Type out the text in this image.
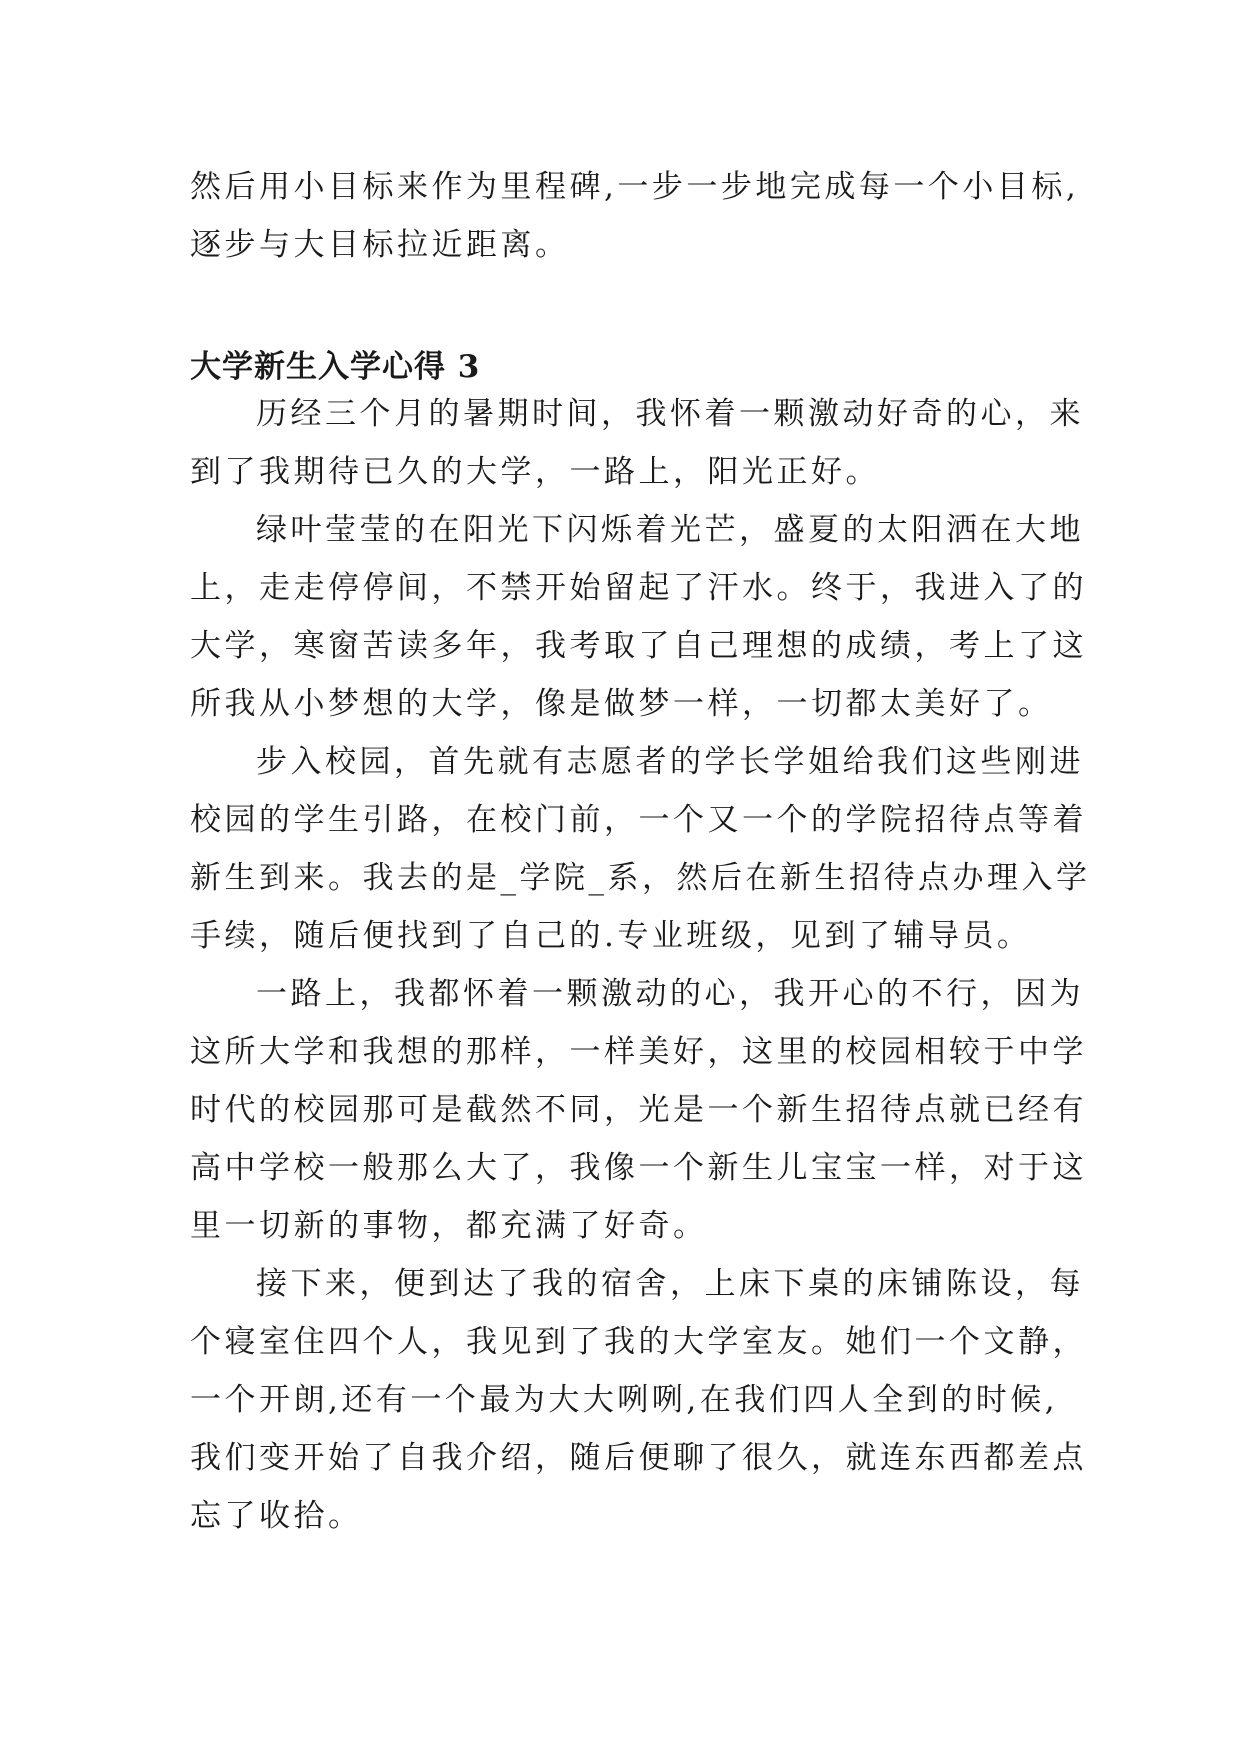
然后用小目标来作为里程碑,一步一步地完成每一个小目标,

逐步与大目标拉近距离。

大学新生入学心得 3

历经三个月的暑期时间，我怀着一颗激动好奇的心，来

到了我期待已久的大学，一路上，阳光正好。

绿叶莹莹的在阳光下闪烁着光芒，盛夏的太阳洒在大地

上，走走停停间，不禁开始留起了汗水。终于，我进入了的

大学，寒窗苦读多年，我考取了自己理想的成绩，考上了这

所我从小梦想的大学，像是做梦一样，一切都太美好了。

步入校园，首先就有志愿者的学长学姐给我们这些刚进

校园的学生引路，在校门前，一个又一个的学院招待点等着

新生到来。我去的是_学院_系，然后在新生招待点办理入学

手续，随后便找到了自己的.专业班级，见到了辅导员。

一路上，我都怀着一颗激动的心，我开心的不行，因为

这所大学和我想的那样，一样美好，这里的校园相较于中学

时代的校园那可是截然不同，光是一个新生招待点就已经有

高中学校一般那么大了，我像一个新生儿宝宝一样，对于这

里一切新的事物，都充满了好奇。

接下来，便到达了我的宿舍，上床下桌的床铺陈设，每

个寝室住四个人，我见到了我的大学室友。她们一个文静，

一个开朗,还有一个最为大大咧咧,在我们四人全到的时候,

我们变开始了自我介绍，随后便聊了很久，就连东西都差点

忘了收拾。
